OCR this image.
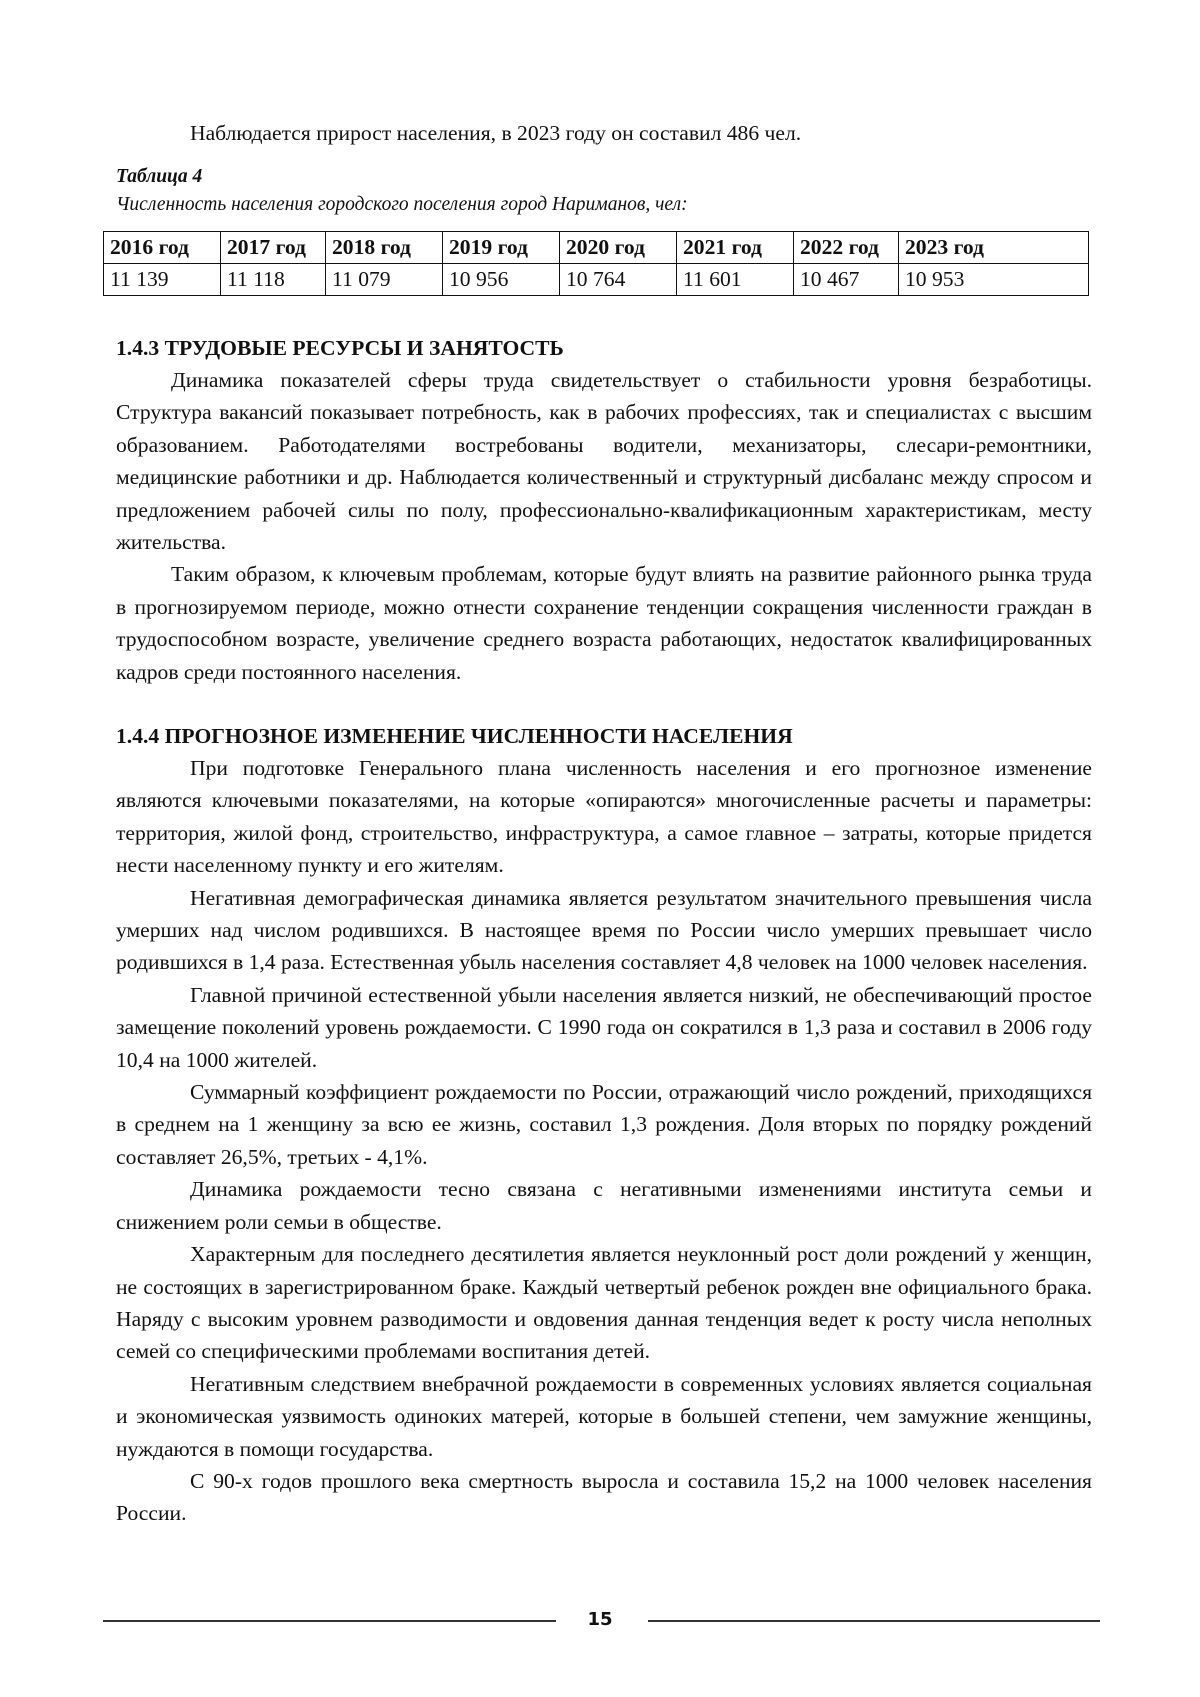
Наблюдается прирост населения, в 2023 году он составил 486 чел.
Таблица 4
Численность населения городского поселения город Нариманов, чел:
2016 год	2017 год	2018 год	2019 год	2020 год	2021 год	2022 год	2023 год
11 139	11 118	11 079	10 956	10 764	11 601	10 467	10 953
1.4.3 ТРУДОВЫЕ РЕСУРСЫ И ЗАНЯТОСТЬ

Динамика показателей сферы труда свидетельствует о стабильности уровня безработицы. Структура вакансий показывает потребность, как в рабочих профессиях, так и специалистах с высшим образованием. Работодателями востребованы водители, механизаторы, слесари-ремонтники, медицинские работники и др. Наблюдается количественный и структурный дисбаланс между спросом и предложением рабочей силы по полу, профессионально-квалификационным характеристикам, месту жительства.

Таким образом, к ключевым проблемам, которые будут влиять на развитие районного рынка труда в прогнозируемом периоде, можно отнести сохранение тенденции сокращения численности граждан в трудоспособном возрасте, увеличение среднего возраста работающих, недостаток квалифицированных кадров среди постоянного населения.

1.4.4 ПРОГНОЗНОЕ ИЗМЕНЕНИЕ ЧИСЛЕННОСТИ НАСЕЛЕНИЯ

При подготовке Генерального плана численность населения и его прогнозное изменение являются ключевыми показателями, на которые «опираются» многочисленные расчеты и параметры: территория, жилой фонд, строительство, инфраструктура, а самое главное – затраты, которые придется нести населенному пункту и его жителям.

Негативная демографическая динамика является результатом значительного превышения числа умерших над числом родившихся. В настоящее время по России число умерших превышает число родившихся в 1,4 раза. Естественная убыль населения составляет 4,8 человек на 1000 человек населения.

Главной причиной естественной убыли населения является низкий, не обеспечивающий простое замещение поколений уровень рождаемости. С 1990 года он сократился в 1,3 раза и составил в 2006 году 10,4 на 1000 жителей.

Суммарный коэффициент рождаемости по России, отражающий число рождений, приходящихся в среднем на 1 женщину за всю ее жизнь, составил 1,3 рождения. Доля вторых по порядку рождений составляет 26,5%, третьих - 4,1%.

Динамика рождаемости тесно связана с негативными изменениями института семьи и снижением роли семьи в обществе.

Характерным для последнего десятилетия является неуклонный рост доли рождений у женщин, не состоящих в зарегистрированном браке. Каждый четвертый ребенок рожден вне официального брака. Наряду с высоким уровнем разводимости и овдовения данная тенденция ведет к росту числа неполных семей со специфическими проблемами воспитания детей.

Негативным следствием внебрачной рождаемости в современных условиях является социальная и экономическая уязвимость одиноких матерей, которые в большей степени, чем замужние женщины, нуждаются в помощи государства.

С 90-х годов прошлого века смертность выросла и составила 15,2 на 1000 человек населения России.

15
